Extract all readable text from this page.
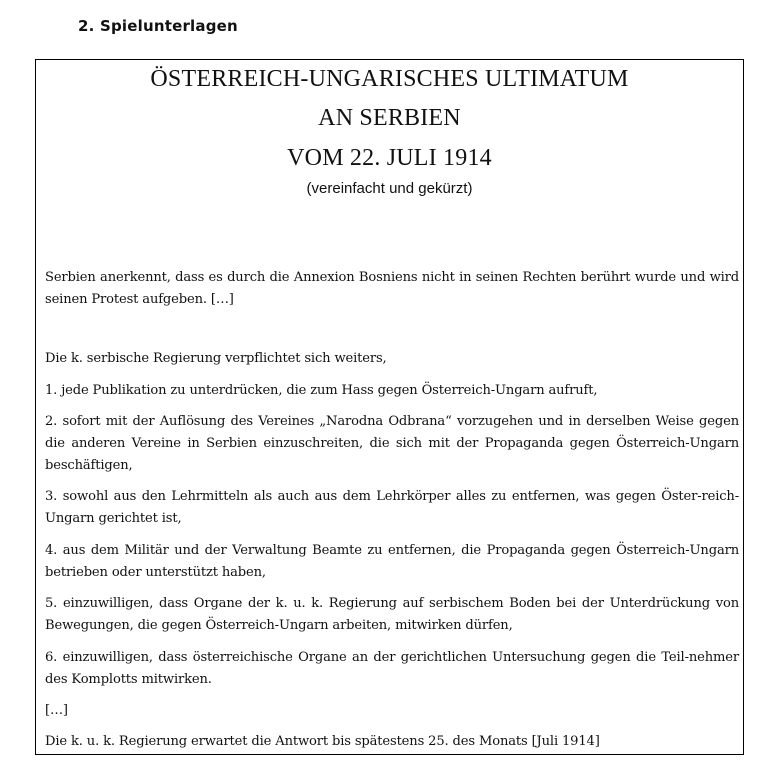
2. Spielunterlagen
ÖSTERREICH-UNGARISCHES ULTIMATUM
AN SERBIEN
VOM 22. JULI 1914
(vereinfacht und gekürzt)

Serbien anerkennt, dass es durch die Annexion Bosniens nicht in seinen Rechten berührt wurde und wird seinen Protest aufgeben. […]

Die k. serbische Regierung verpflichtet sich weiters,

1. jede Publikation zu unterdrücken, die zum Hass gegen Österreich-Ungarn aufruft,

2. sofort mit der Auflösung des Vereines „Narodna Odbrana“ vorzugehen und in derselben Weise gegen die anderen Vereine in Serbien einzuschreiten, die sich mit der Propaganda gegen Österreich-Ungarn beschäftigen,

3. sowohl aus den Lehrmitteln als auch aus dem Lehrkörper alles zu entfernen, was gegen Öster-reich-Ungarn gerichtet ist,

4. aus dem Militär und der Verwaltung Beamte zu entfernen, die Propaganda gegen Österreich-Ungarn betrieben oder unterstützt haben,

5. einzuwilligen, dass Organe der k. u. k. Regierung auf serbischem Boden bei der Unterdrückung von Bewegungen, die gegen Österreich-Ungarn arbeiten, mitwirken dürfen,

6. einzuwilligen, dass österreichische Organe an der gerichtlichen Untersuchung gegen die Teil-nehmer des Komplotts mitwirken.

[…]

Die k. u. k. Regierung erwartet die Antwort bis spätestens 25. des Monats [Juli 1914]
